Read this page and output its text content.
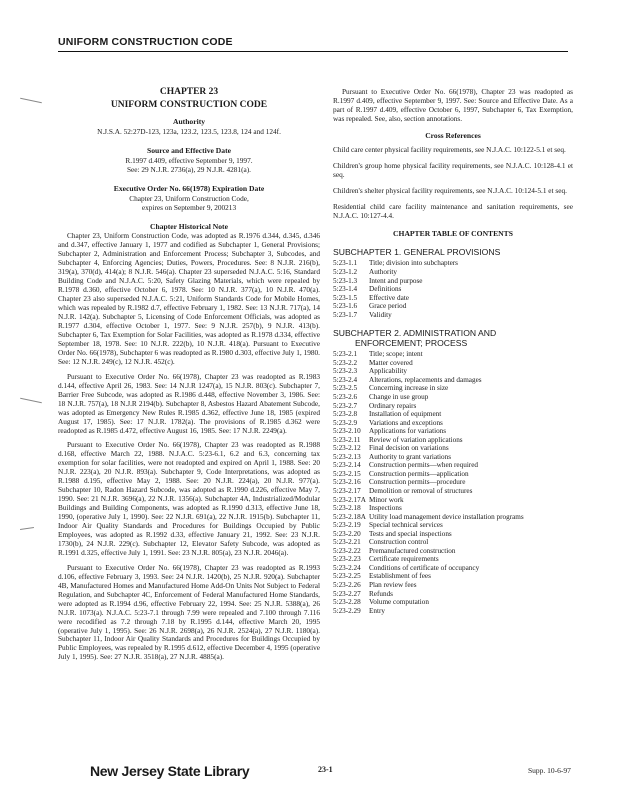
UNIFORM CONSTRUCTION CODE
CHAPTER 23
UNIFORM CONSTRUCTION CODE
Authority
N.J.S.A. 52:27D-123, 123a, 123.2, 123.5, 123.8, 124 and 124f.
Source and Effective Date
R.1997 d.409, effective September 9, 1997.
See: 29 N.J.R. 2736(a), 29 N.J.R. 4281(a).
Executive Order No. 66(1978) Expiration Date
Chapter 23, Uniform Construction Code,
expires on September 9, 200213
Chapter Historical Note

Chapter 23, Uniform Construction Code, was adopted as R.1976 d.344, d.345, d.346 and d.347, effective January 1, 1977 and codified as Subchapter 1, General Provisions; Subchapter 2, Administration and Enforcement Process; Subchapter 3, Subcodes, and Subchapter 4, Enforcing Agencies; Duties, Powers, Procedures. See: 8 N.J.R. 216(b), 319(a), 370(d), 414(a); 8 N.J.R. 546(a). Chapter 23 superseded N.J.A.C. 5:16, Standard Building Code and N.J.A.C. 5:20, Safety Glazing Materials, which were repealed by R.1978 d.360, effective October 6, 1978. See: 10 N.J.R. 377(a), 10 N.J.R. 470(a). Chapter 23 also superseded N.J.A.C. 5:21, Uniform Standards Code for Mobile Homes, which was repealed by R.1982 d.7, effective February 1, 1982. See: 13 N.J.R. 717(a), 14 N.J.R. 142(a). Subchapter 5, Licensing of Code Enforcement Officials, was adopted as R.1977 d.304, effective October 1, 1977. See: 9 N.J.R. 257(b), 9 N.J.R. 413(b). Subchapter 6, Tax Exemption for Solar Facilities, was adopted as R.1978 d.334, effective September 18, 1978. See: 10 N.J.R. 222(b), 10 N.J.R. 418(a). Pursuant to Executive Order No. 66(1978), Subchapter 6 was readopted as R.1980 d.303, effective July 1, 1980. See: 12 N.J.R. 249(c), 12 N.J.R. 452(c).

Pursuant to Executive Order No. 66(1978), Chapter 23 was readopted as R.1983 d.144, effective April 26, 1983. See: 14 N.J.R 1247(a), 15 N.J.R. 803(c). Subchapter 7, Barrier Free Subcode, was adopted as R.1986 d.448, effective November 3, 1986. See: 18 N.J.R. 757(a), 18 N.J.R 2194(b). Subchapter 8, Asbestos Hazard Abatement Subcode, was adopted as Emergency New Rules R.1985 d.362, effective June 18, 1985 (expired August 17, 1985). See: 17 N.J.R. 1782(a). The provisions of R.1985 d.362 were readopted as R.1985 d.472, effective August 16, 1985. See: 17 N.J.R. 2249(a).

Pursuant to Executive Order No. 66(1978), Chapter 23 was readopted as R.1988 d.168, effective March 22, 1988. N.J.A.C. 5:23-6.1, 6.2 and 6.3, concerning tax exemption for solar facilities, were not readopted and expired on April 1, 1988. See: 20 N.J.R. 223(a), 20 N.J.R. 893(a). Subchapter 9, Code Interpretations, was adopted as R.1988 d.195, effective May 2, 1988. See: 20 N.J.R. 224(a), 20 N.J.R. 977(a). Subchapter 10, Radon Hazard Subcode, was adopted as R.1990 d.226, effective May 7, 1990. See: 21 N.J.R. 3696(a), 22 N.J.R. 1356(a). Subchapter 4A, Industrialized/Modular Buildings and Building Components, was adopted as R.1990 d.313, effective June 18, 1990, (operative July 1, 1990). See: 22 N.J.R. 691(a), 22 N.J.R. 1915(b). Subchapter 11, Indoor Air Quality Standards and Procedures for Buildings Occupied by Public Employees, was adopted as R.1992 d.33, effective January 21, 1992. See: 23 N.J.R. 1730(b), 24 N.J.R. 229(c). Subchapter 12, Elevator Safety Subcode, was adopted as R.1991 d.325, effective July 1, 1991. See: 23 N.J.R. 805(a), 23 N.J.R. 2046(a).

Pursuant to Executive Order No. 66(1978), Chapter 23 was readopted as R.1993 d.106, effective February 3, 1993. See: 24 N.J.R. 1420(b), 25 N.J.R. 920(a). Subchapter 4B, Manufactured Homes and Manufactured Home Add-On Units Not Subject to Federal Regulation, and Subchapter 4C, Enforcement of Federal Manufactured Home Standards, were adopted as R.1994 d.96, effective February 22, 1994. See: 25 N.J.R. 5388(a), 26 N.J.R. 1073(a). N.J.A.C. 5:23-7.1 through 7.99 were repealed and 7.100 through 7.116 were recodified as 7.2 through 7.18 by R.1995 d.144, effective March 20, 1995 (operative July 1, 1995). See: 26 N.J.R. 2698(a), 26 N.J.R. 2524(a), 27 N.J.R. 1180(a). Subchapter 11, Indoor Air Quality Standards and Procedures for Buildings Occupied by Public Employees, was repealed by R.1995 d.612, effective December 4, 1995 (operative July 1, 1995). See: 27 N.J.R. 3518(a), 27 N.J.R. 4885(a).

Pursuant to Executive Order No. 66(1978), Chapter 23 was readopted as R.1997 d.409, effective September 9, 1997. See: Source and Effective Date. As a part of R.1997 d.409, effective October 6, 1997, Subchapter 6, Tax Exemption, was repealed. See, also, section annotations.

Cross References
Child care center physical facility requirements, see N.J.A.C. 10:122-5.1 et seq.
Children's group home physical facility requirements, see N.J.A.C. 10:128-4.1 et seq.
Children's shelter physical facility requirements, see N.J.A.C. 10:124-5.1 et seq.
Residential child care facility maintenance and sanitation requirements, see N.J.A.C. 10:127-4.4.
CHAPTER TABLE OF CONTENTS
SUBCHAPTER 1. GENERAL PROVISIONS
5:23-1.1	Title; division into subchapters
5:23-1.2	Authority
5:23-1.3	Intent and purpose
5:23-1.4	Definitions
5:23-1.5	Effective date
5:23-1.6	Grace period
5:23-1.7	Validity
SUBCHAPTER 2. ADMINISTRATION AND
ENFORCEMENT; PROCESS
5:23-2.1	Title; scope; intent
5:23-2.2	Matter covered
5:23-2.3	Applicability
5:23-2.4	Alterations, replacements and damages
5:23-2.5	Concerning increase in size
5:23-2.6	Change in use group
5:23-2.7	Ordinary repairs
5:23-2.8	Installation of equipment
5:23-2.9	Variations and exceptions
5:23-2.10	Applications for variations
5:23-2.11	Review of variation applications
5:23-2.12	Final decision on variations
5:23-2.13	Authority to grant variations
5:23-2.14	Construction permits—when required
5:23-2.15	Construction permits—application
5:23-2.16	Construction permits—procedure
5:23-2.17	Demolition or removal of structures
5:23-2.17A Minor work
5:23-2.18	Inspections
5:23-2.18A Utility load management device installation programs
5:23-2.19	Special technical services
5:23-2.20	Tests and special inspections
5:23-2.21	Construction control
5:23-2.22	Premanufactured construction
5:23-2.23	Certificate requirements
5:23-2.24	Conditions of certificate of occupancy
5:23-2.25	Establishment of fees
5:23-2.26	Plan review fees
5:23-2.27	Refunds
5:23-2.28	Volume computation
5:23-2.29	Entry
New Jersey State Library	23-1	Supp. 10-6-97
